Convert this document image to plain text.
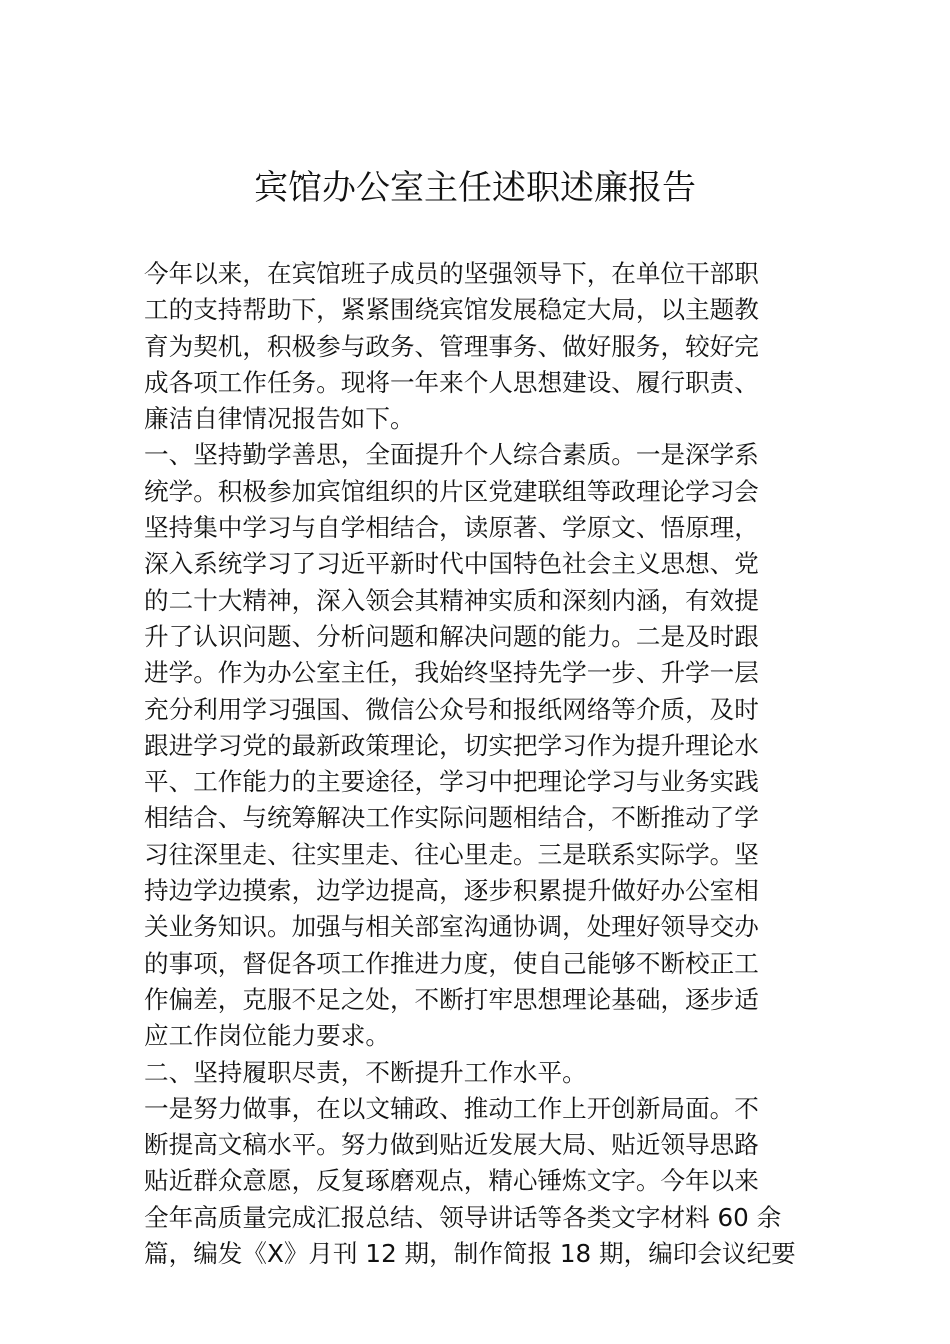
宾馆办公室主任述职述廉报告
今年以来，在宾馆班子成员的坚强领导下，在单位干部职
工的支持帮助下，紧紧围绕宾馆发展稳定大局，以主题教
育为契机，积极参与政务、管理事务、做好服务，较好完
成各项工作任务。现将一年来个人思想建设、履行职责、
廉洁自律情况报告如下。
一、坚持勤学善思，全面提升个人综合素质。一是深学系
统学。积极参加宾馆组织的片区党建联组等政理论学习会
坚持集中学习与自学相结合，读原著、学原文、悟原理，
深入系统学习了习近平新时代中国特色社会主义思想、党
的二十大精神，深入领会其精神实质和深刻内涵，有效提
升了认识问题、分析问题和解决问题的能力。二是及时跟
进学。作为办公室主任，我始终坚持先学一步、升学一层
充分利用学习强国、微信公众号和报纸网络等介质，及时
跟进学习党的最新政策理论，切实把学习作为提升理论水
平、工作能力的主要途径，学习中把理论学习与业务实践
相结合、与统筹解决工作实际问题相结合，不断推动了学
习往深里走、往实里走、往心里走。三是联系实际学。坚
持边学边摸索，边学边提高，逐步积累提升做好办公室相
关业务知识。加强与相关部室沟通协调，处理好领导交办
的事项，督促各项工作推进力度，使自己能够不断校正工
作偏差，克服不足之处，不断打牢思想理论基础，逐步适
应工作岗位能力要求。
二、坚持履职尽责，不断提升工作水平。
一是努力做事，在以文辅政、推动工作上开创新局面。不
断提高文稿水平。努力做到贴近发展大局、贴近领导思路
贴近群众意愿，反复琢磨观点，精心锤炼文字。今年以来
全年高质量完成汇报总结、领导讲话等各类文字材料 60 余
篇，编发《X》月刊 12 期，制作简报 18 期，编印会议纪要
